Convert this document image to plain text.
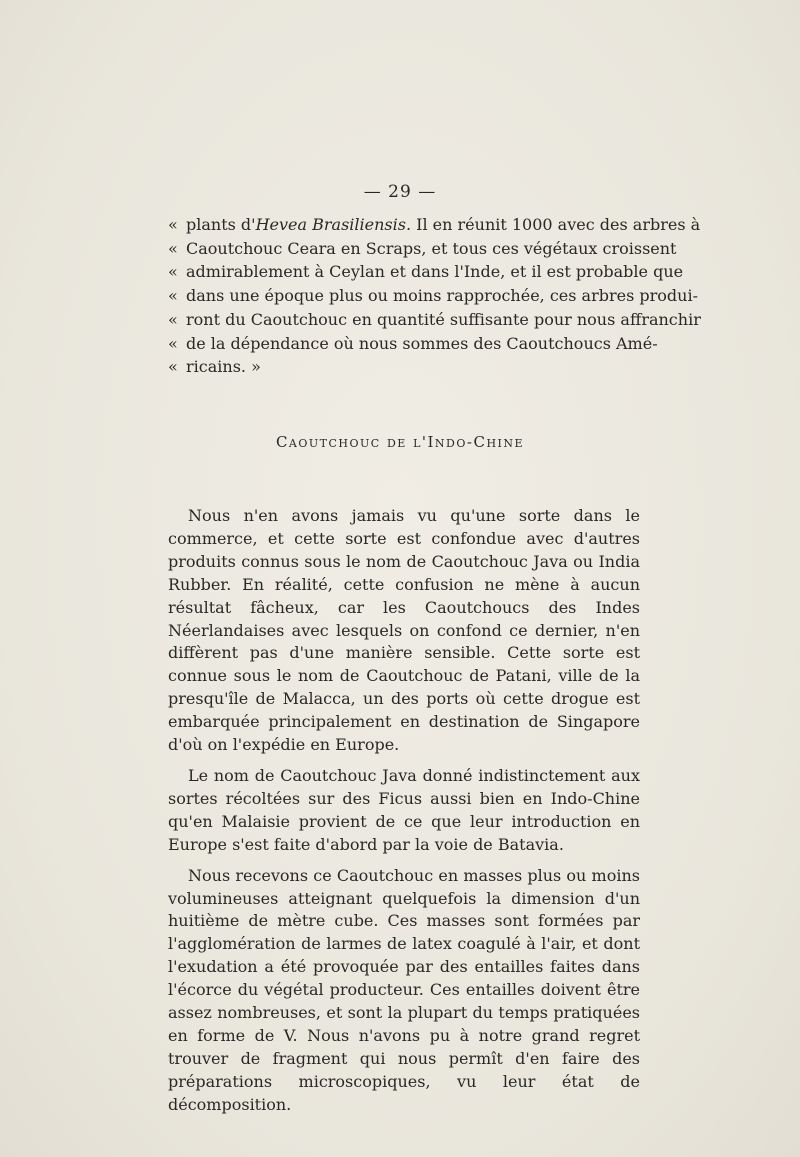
— 29 —
« plants d'Hevea Brasiliensis. Il en réunit 1000 avec des arbres à
« Caoutchouc Ceara en Scraps, et tous ces végétaux croissent
« admirablement à Ceylan et dans l'Inde, et il est probable que
« dans une époque plus ou moins rapprochée, ces arbres produi-
« ront du Caoutchouc en quantité suffisante pour nous affranchir
« de la dépendance où nous sommes des Caoutchoucs Amé-
« ricains. »
Caoutchouc de l'Indo-Chine

Nous n'en avons jamais vu qu'une sorte dans le commerce, et cette sorte est confondue avec d'autres produits connus sous le nom de Caoutchouc Java ou India Rubber. En réalité, cette confusion ne mène à aucun résultat fâcheux, car les Caoutchoucs des Indes Néerlandaises avec lesquels on confond ce dernier, n'en diffèrent pas d'une manière sensible. Cette sorte est connue sous le nom de Caoutchouc de Patani, ville de la presqu'île de Malacca, un des ports où cette drogue est embarquée principalement en destination de Singapore d'où on l'expédie en Europe.

Le nom de Caoutchouc Java donné indistinctement aux sortes récoltées sur des Ficus aussi bien en Indo-Chine qu'en Malaisie provient de ce que leur introduction en Europe s'est faite d'abord par la voie de Batavia.

Nous recevons ce Caoutchouc en masses plus ou moins volumineuses atteignant quelquefois la dimension d'un huitième de mètre cube. Ces masses sont formées par l'agglomération de larmes de latex coagulé à l'air, et dont l'exudation a été provoquée par des entailles faites dans l'écorce du végétal producteur. Ces entailles doivent être assez nombreuses, et sont la plupart du temps pratiquées en forme de V. Nous n'avons pu à notre grand regret trouver de fragment qui nous permît d'en faire des préparations microscopiques, vu leur état de décomposition.
